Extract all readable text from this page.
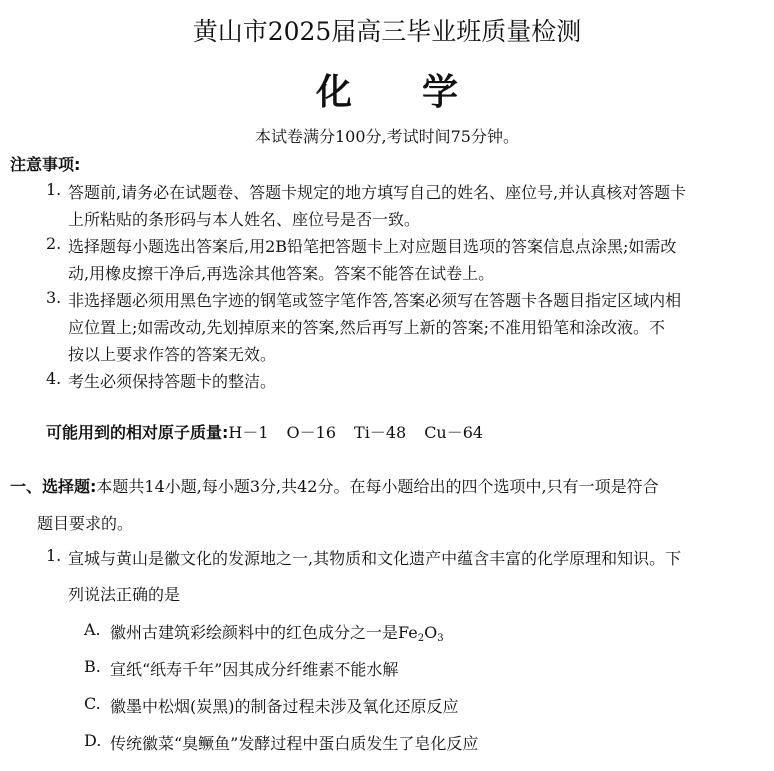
黄山市2025届高三毕业班质量检测
化学
本试卷满分100分,考试时间75分钟。
注意事项:
1. 答题前,请务必在试题卷、答题卡规定的地方填写自己的姓名、座位号,并认真核对答题卡
上所粘贴的条形码与本人姓名、座位号是否一致。
2. 选择题每小题选出答案后,用2B铅笔把答题卡上对应题目选项的答案信息点涂黑;如需改
动,用橡皮擦干净后,再选涂其他答案。答案不能答在试卷上。
3. 非选择题必须用黑色字迹的钢笔或签字笔作答,答案必须写在答题卡各题目指定区域内相
应位置上;如需改动,先划掉原来的答案,然后再写上新的答案;不准用铅笔和涂改液。不
按以上要求作答的答案无效。
4. 考生必须保持答题卡的整洁。
可能用到的相对原子质量:H－1 O－16 Ti－48 Cu－64
一、选择题:本题共14小题,每小题3分,共42分。在每小题给出的四个选项中,只有一项是符合
题目要求的。
1. 宣城与黄山是徽文化的发源地之一,其物质和文化遗产中蕴含丰富的化学原理和知识。下
列说法正确的是
A. 徽州古建筑彩绘颜料中的红色成分之一是$Fe_2O_3$
B. 宣纸“纸寿千年”因其成分纤维素不能水解
C. 徽墨中松烟(炭黑)的制备过程未涉及氧化还原反应
D. 传统徽菜“臭鳜鱼”发酵过程中蛋白质发生了皂化反应
